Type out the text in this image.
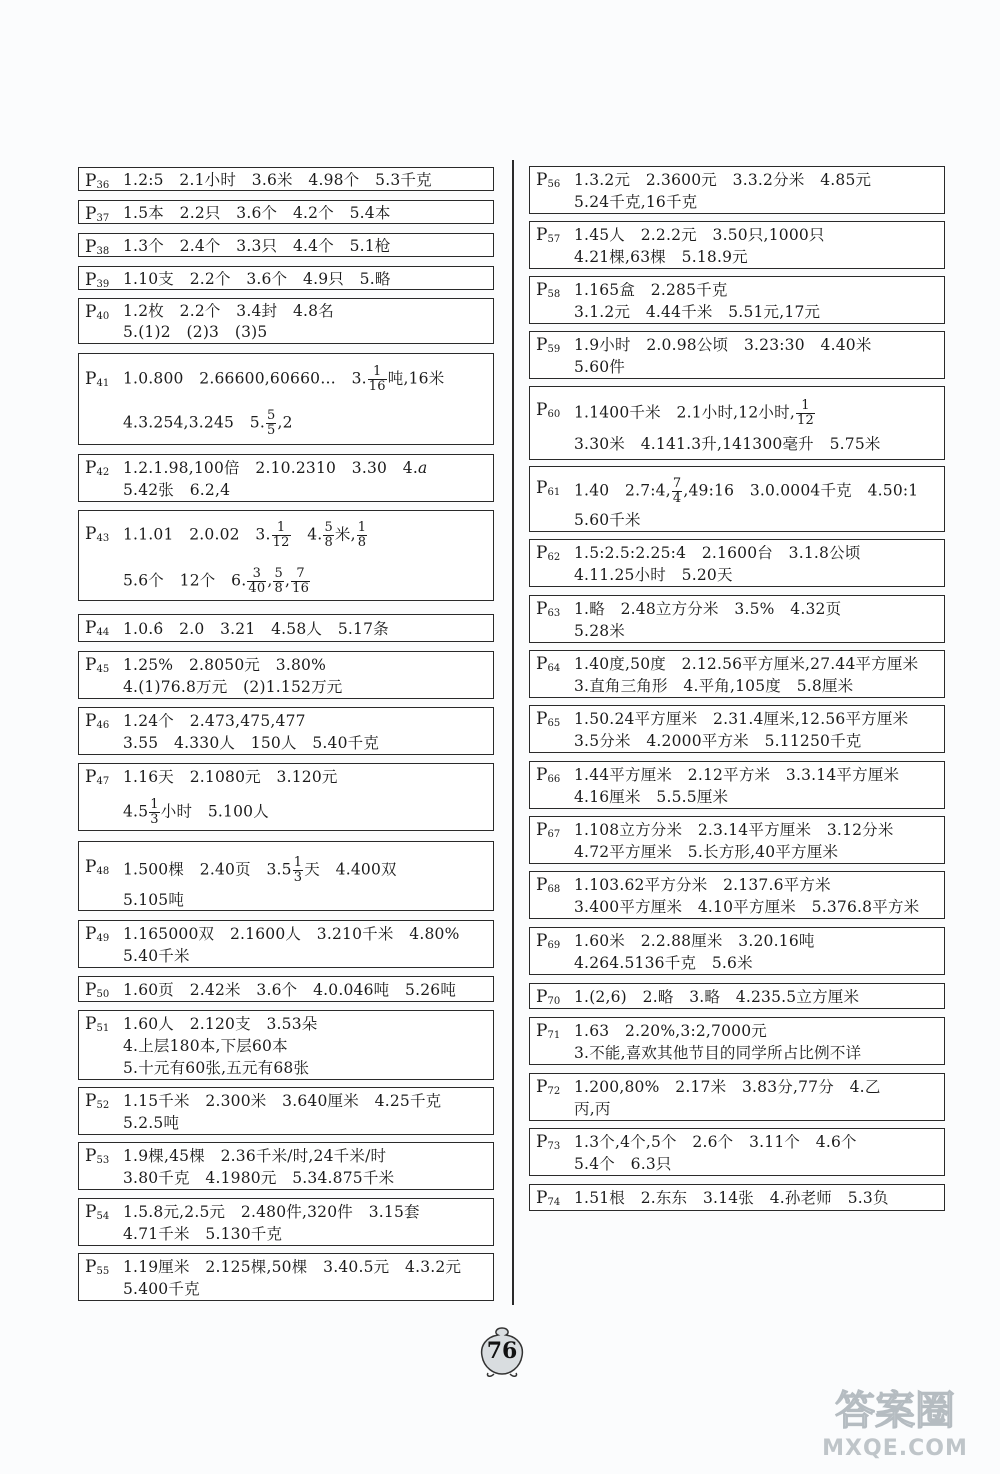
$P_{36}$ 1.2:5　2.1小时　3.6米　4.98个　5.3千克
$P_{37}$ 1.5本　2.2只　3.6个　4.2个　5.4本
$P_{38}$ 1.3个　2.4个　3.3只　4.4个　5.1枪
$P_{39}$ 1.10支　2.2个　3.6个　4.9只　5.略
$P_{40}$ 1.2枚　2.2个　3.4封　4.8名
5.(1)2　(2)3　(3)5
$P_{41}$ 1.0.800　2.66600,60660…　3. $\frac{1}{16}$ 吨,16米
4.3.254,3.245　5. $\frac{5}{5} ,2$
$P_{42}$ 1.2.1.98,100倍　2.10.2310　3.30　4.a
5.42张　6.2,4
$P_{43}$ 1.1.01　2.0.02　3. $\frac{1}{12}$ 　4. $\frac{5}{8}$ 米, $\frac{1}{8}$
5.6个　12个　6. $\frac{3}{40}$ , $\frac{5}{8}$ , $\frac{7}{16}$
$P_{44}$ 1.0.6̇　2.0　3.21　4.58人　5.17条
$P_{45}$ 1.25%　2.8050元　3.80%
4.(1)76.8万元　(2)1.152万元
$P_{46}$ 1.24个　2.473,475,477
3.55　4.330人　150人　5.40千克
$P_{47}$ 1.16天　2.1080元　3.120元
$4.5 \frac{1}{3}$ 小时　5.100人
$P_{48}$ 1.500棵　2.40页　$3.5 \frac{1}{3}$ 天　4.400双
5.105吨
$P_{49}$ 1.165000双　2.1600人　3.210千米　4.80%
5.40千米
$P_{50}$ 1.60页　2.42米　3.6个　4.0.046吨　5.26吨
$P_{51}$ 1.60人　2.120支　3.53朵
4.上层180本,下层60本
5.十元有60张,五元有68张
$P_{52}$ 1.15千米　2.300米　3.640厘米　4.25千克
5.2.5吨
$P_{53}$ 1.9棵,45棵　2.36千米/时,24千米/时
3.80千克　4.1980元　5.34.875千米
$P_{54}$ 1.5.8元,2.5元　2.480件,320件　3.15套
4.71千米　5.130千克
$P_{55}$ 1.19厘米　2.125棵,50棵　3.40.5元　4.3.2元
5.400千克
$P_{56}$ 1.3.2元　2.3600元　3.3.2分米　4.85元
5.24千克,16千克
$P_{57}$ 1.45人　2.2.2元　3.50只,1000只
4.21棵,63棵　5.18.9元
$P_{58}$ 1.165盒　2.285千克
3.1.2元　4.44千米　5.51元,17元
$P_{59}$ 1.9小时　2.0.98公顷　3.23:30　4.40米
5.60件
$P_{60}$ 1.1400千米　2.1小时,12小时, $\frac{1}{12}$
3.30米　4.141.3升,141300毫升　5.75米
$P_{61}$ 1.40　2.7:4, $\frac{7}{4}$ ,49:16　3.0.0004千克　4.50:1
5.60千米
$P_{62}$ 1.5:2.5:2.25:4　2.1600台　3.1.8公顷
4.11.25小时　5.20天
$P_{63}$ 1.略　2.48立方分米　3.5%　4.32页
5.28米
$P_{64}$ 1.40度,50度　2.12.56平方厘米,27.44平方厘米
3.直角三角形　4.平角,105度　5.8厘米
$P_{65}$ 1.50.24平方厘米　2.31.4厘米,12.56平方厘米
3.5分米　4.2000平方米　5.11250千克
$P_{66}$ 1.44平方厘米　2.12平方米　3.3.14平方厘米
4.16厘米　5.5.5厘米
$P_{67}$ 1.108立方分米　2.3.14平方厘米　3.12分米
4.72平方厘米　5.长方形,40平方厘米
$P_{68}$ 1.103.62平方分米　2.137.6平方米
3.400平方厘米　4.10平方厘米　5.376.8平方米
$P_{69}$ 1.60米　2.2.88厘米　3.20.16吨
4.264.5136千克　5.6米
$P_{70}$ 1.(2,6)　2.略　3.略　4.235.5立方厘米
$P_{71}$ 1.63　2.20%,3:2,7000元
3.不能,喜欢其他节目的同学所占比例不详
$P_{72}$ 1.200,80%　2.17米　3.83分,77分　4.乙
丙,丙
$P_{73}$ 1.3个,4个,5个　2.6个　3.11个　4.6个
5.4个　6.3只
$P_{74}$ 1.51根　2.东东　3.14张　4.孙老师　5.3负
76
答案圈
MXQE.COM
